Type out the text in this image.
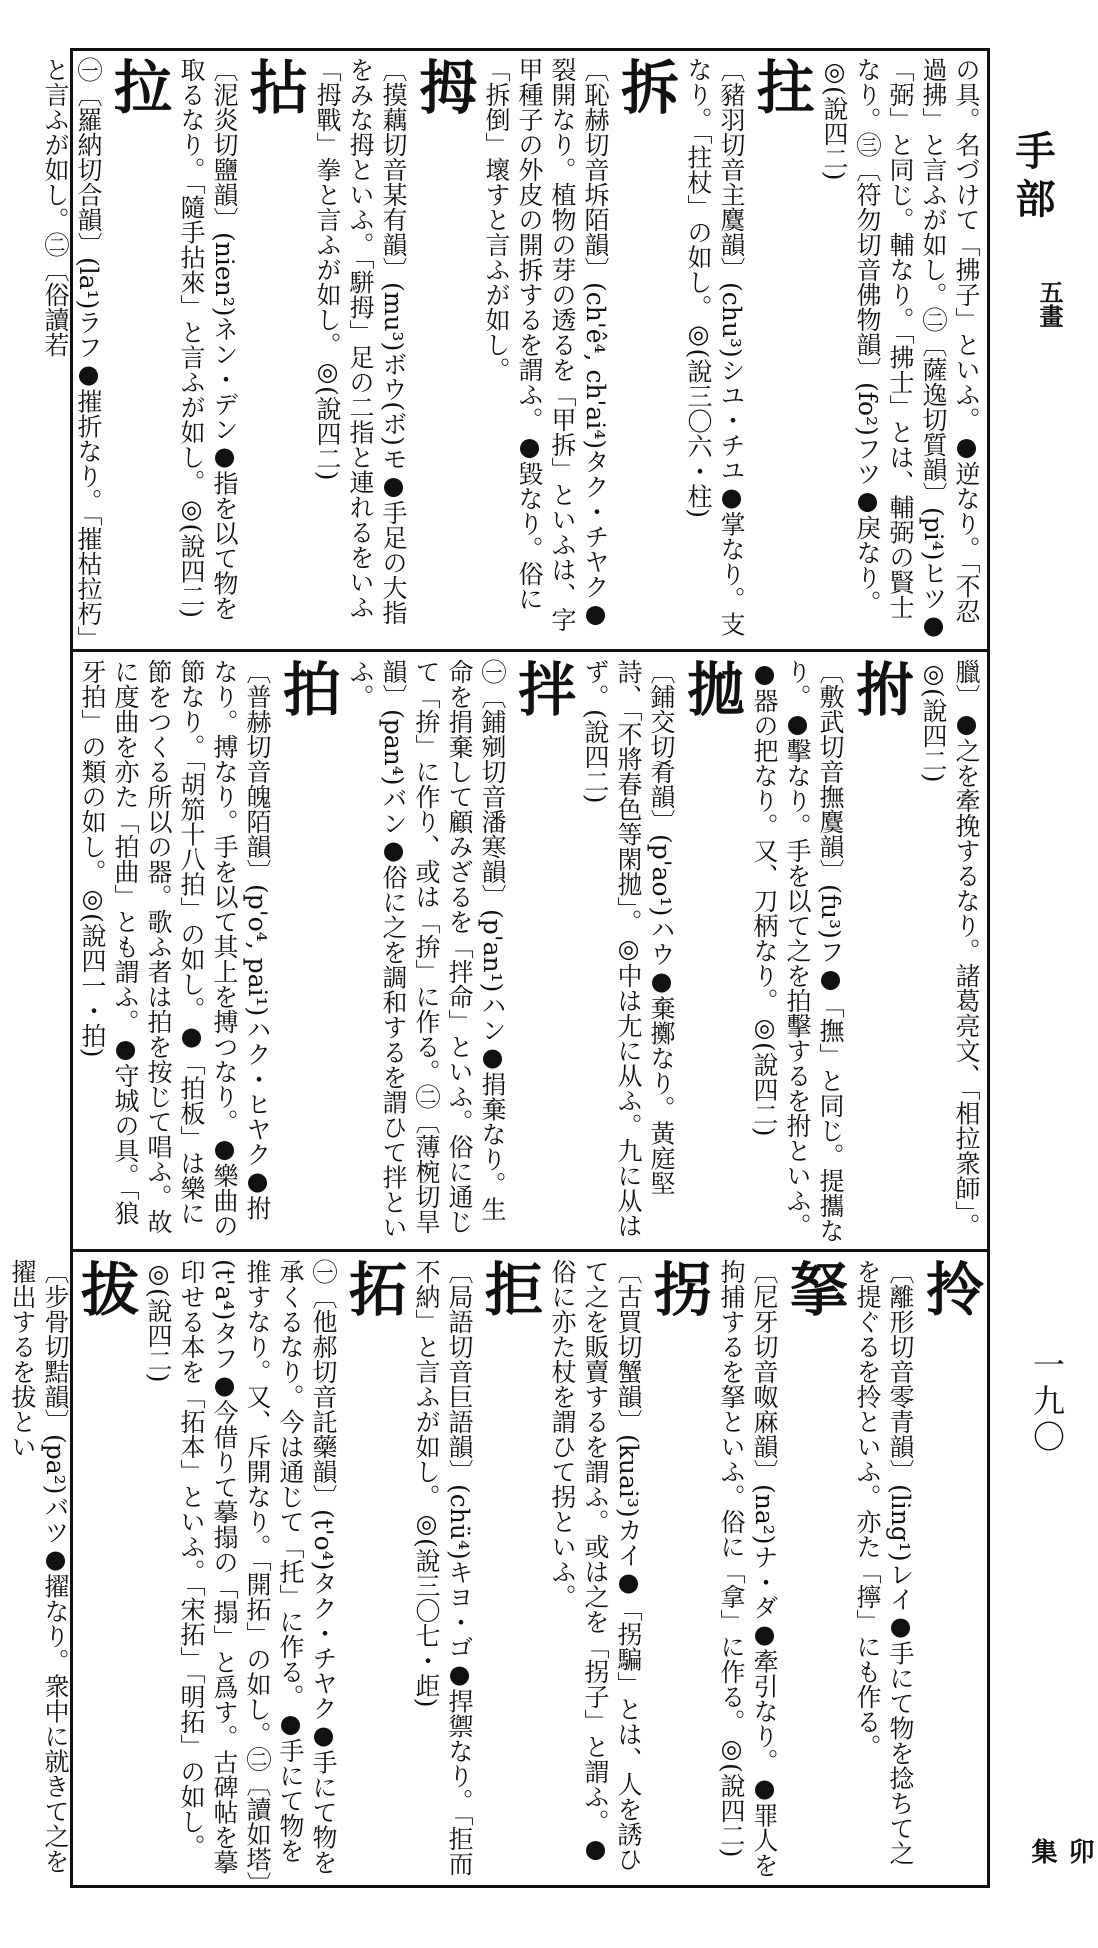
手部
五畫
一九〇
卯集
の具。名づけて「拂子」といふ。●逆なり。「不忍過拂」と言ふが如し。㊁〔薩逸切質韻〕(pi⁴)ヒツ●「弼」と同じ。輔なり。「拂士」とは、輔弼の賢士なり。㊂〔符勿切音佛物韻〕(fo²)フツ●戾なり。◎(說四二)
拄
〔豬羽切音主麌韻〕(chu³)シユ・チユ●掌なり。支なり。「拄杖」の如し。◎(說三〇六・柱)
拆
〔恥赫切音坼陌韻〕(ch'ê⁴, ch'ai⁴)タク・チヤク●裂開なり。植物の芽の透るを「甲拆」といふは、字甲種子の外皮の開拆するを謂ふ。●毀なり。俗に「拆倒」壞すと言ふが如し。
拇
〔摸藕切音某有韻〕(mu³)ボウ(ボ)モ●手足の大指をみな拇といふ。「駢拇」足の二指と連れるをいふ「拇戰」拳と言ふが如し。◎(說四二)
拈
〔泥炎切鹽韻〕(nien²)ネン・デン●指を以て物を取るなり。「隨手拈來」と言ふが如し。◎(說四二)
拉
㊀〔羅納切合韻〕(la¹)ラフ●摧折なり。「摧枯拉朽」と言ふが如し。㊁〔俗讀若
臘〕●之を牽挽するなり。諸葛亮文、「相拉衆師」。◎(說四二)
拊
〔敷武切音撫麌韻〕(fu³)フ●「撫」と同じ。提攜なり。●擊なり。手を以て之を拍擊するを拊といふ。●器の把なり。又、刀柄なり。◎(說四二)
拋
〔鋪交切肴韻〕(p'ao¹)ハウ●棄擲なり。黃庭堅詩、「不將春色等閑拋」。◎中は尢に从ふ。九に从はず。(說四二)
拌
㊀〔鋪剜切音潘寒韻〕(p'an¹)ハン●捐棄なり。生命を捐棄して顧みざるを「拌命」といふ。俗に通じて「拚」に作り、或は「拚」に作る。㊁〔薄椀切旱韻〕(pan⁴)バン●俗に之を調和するを謂ひて拌といふ。
拍
〔普赫切音魄陌韻〕(p'o⁴, pai¹)ハク・ヒヤク●拊なり。搏なり。手を以て其上を搏つなり。●樂曲の節なり。「胡笳十八拍」の如し。●「拍板」は樂に節をつくる所以の器。歌ふ者は拍を按じて唱ふ。故に度曲を亦た「拍曲」とも謂ふ。●守城の具。「狼牙拍」の類の如し。◎(說四一・拍)
拎
〔離形切音零青韻〕(ling¹)レイ●手にて物を捻ちて之を提ぐるを拎といふ。亦た「擰」にも作る。
拏
〔尼牙切音呶麻韻〕(na²)ナ・ダ●牽引なり。●罪人を拘捕するを拏といふ。俗に「拿」に作る。◎(說四二)
拐
〔古買切蟹韻〕(kuai³)カイ●「拐騙」とは、人を誘ひて之を販賣するを謂ふ。或は之を「拐子」と謂ふ。●俗に亦た杖を謂ひて拐といふ。
拒
〔局語切音巨語韻〕(chü⁴)キヨ・ゴ●捍禦なり。「拒而不納」と言ふが如し。◎(說三〇七・歫)
拓
㊀〔他郝切音託藥韻〕(t'o⁴)タク・チヤク●手にて物を承くるなり。今は通じて「托」に作る。●手にて物を推すなり。又、斥開なり。「開拓」の如し。㊁〔讀如塔〕(t'a⁴)タフ●今借りて摹搨の「搨」と爲す。古碑帖を摹印せる本を「拓本」といふ。「宋拓」「明拓」の如し。◎(說四二)
拔
〔步骨切黠韻〕(pa²)バツ●擢なり。衆中に就きて之を擢出するを拔とい
